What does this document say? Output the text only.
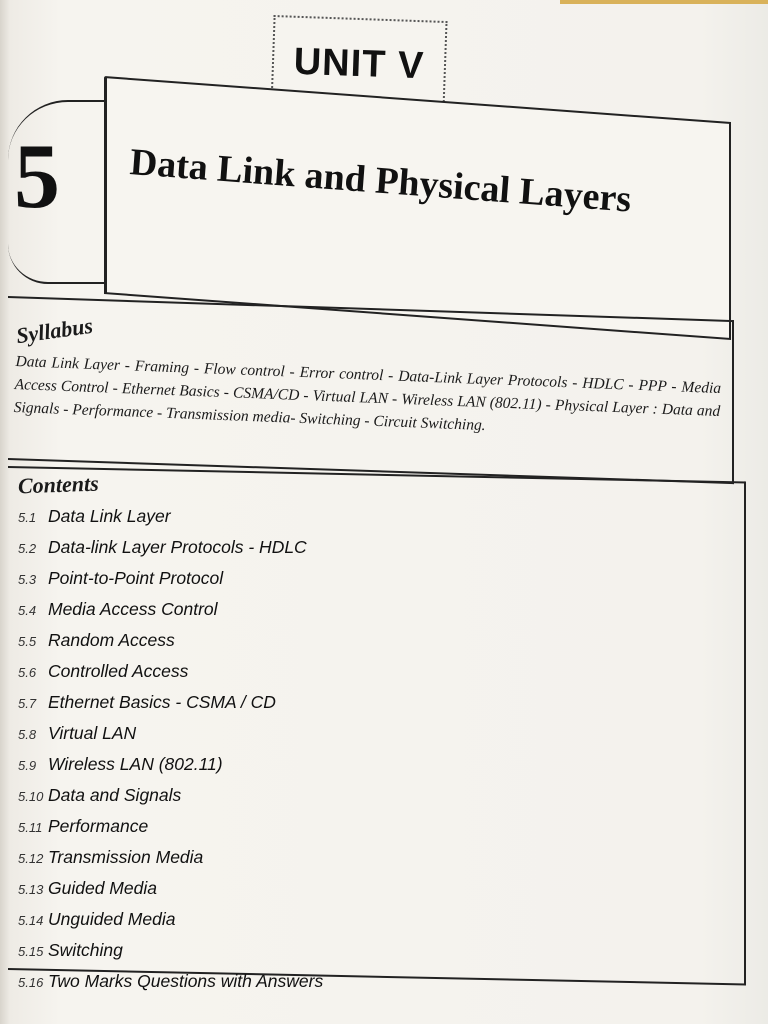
UNIT V
5 Data Link and Physical Layers
Syllabus
Data Link Layer - Framing - Flow control - Error control - Data-Link Layer Protocols - HDLC - PPP - Media Access Control - Ethernet Basics - CSMA/CD - Virtual LAN - Wireless LAN (802.11) - Physical Layer : Data and Signals - Performance - Transmission media- Switching - Circuit Switching.
Contents
5.1 Data Link Layer
5.2 Data-link Layer Protocols - HDLC
5.3 Point-to-Point Protocol
5.4 Media Access Control
5.5 Random Access
5.6 Controlled Access
5.7 Ethernet Basics - CSMA / CD
5.8 Virtual LAN
5.9 Wireless LAN (802.11)
5.10 Data and Signals
5.11 Performance
5.12 Transmission Media
5.13 Guided Media
5.14 Unguided Media
5.15 Switching
5.16 Two Marks Questions with Answers
